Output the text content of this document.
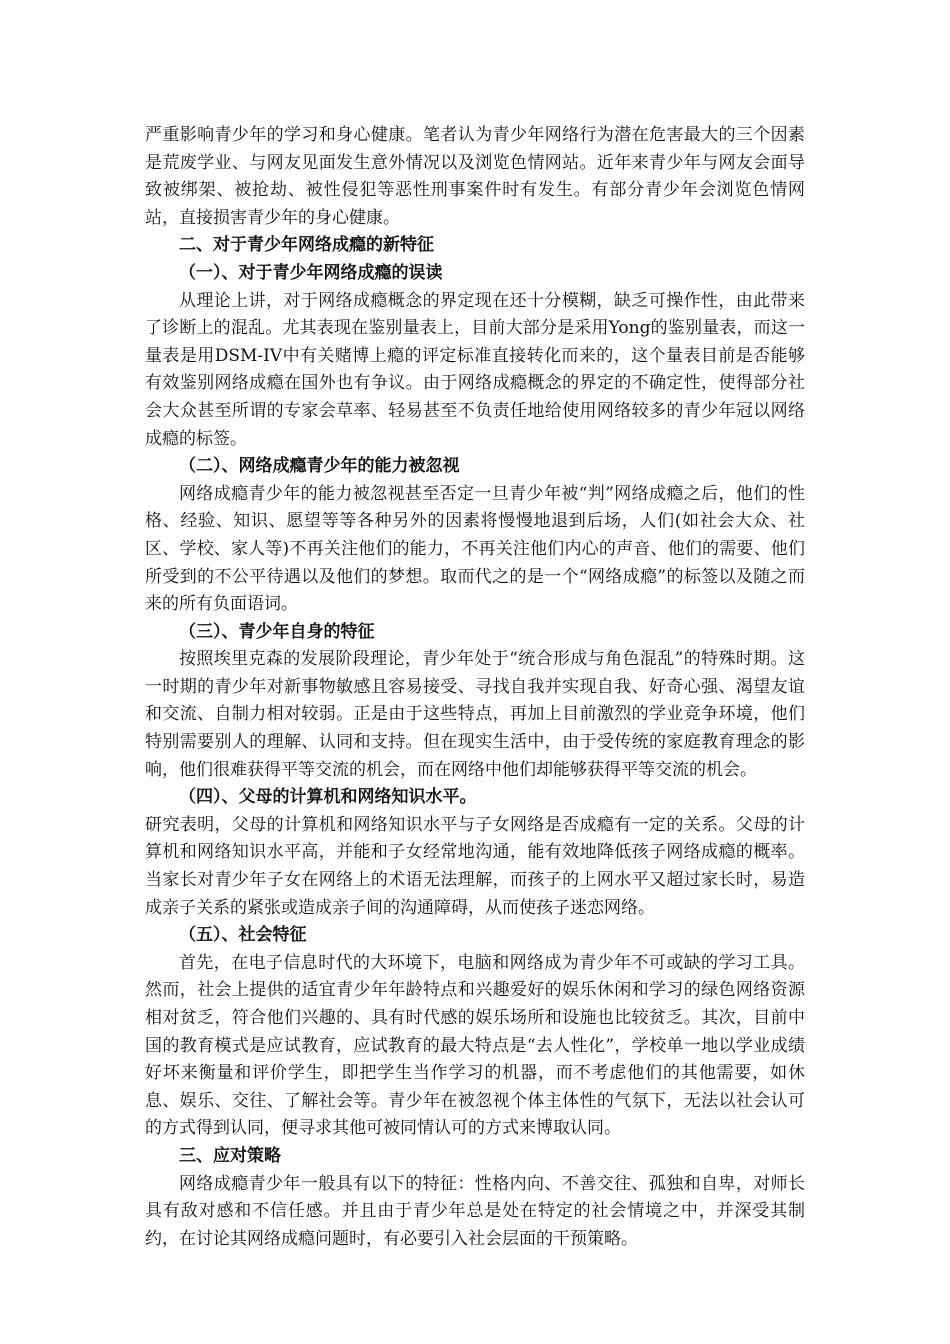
严重影响青少年的学习和身心健康。笔者认为青少年网络行为潜在危害最大的三个因素是荒废学业、与网友见面发生意外情况以及浏览色情网站。近年来青少年与网友会面导致被绑架、被抢劫、被性侵犯等恶性刑事案件时有发生。有部分青少年会浏览色情网站，直接损害青少年的身心健康。

二、对于青少年网络成瘾的新特征

（一）、对于青少年网络成瘾的误读

从理论上讲，对于网络成瘾概念的界定现在还十分模糊，缺乏可操作性，由此带来了诊断上的混乱。尤其表现在鉴别量表上，目前大部分是采用Yong的鉴别量表，而这一量表是用DSM-IV中有关赌博上瘾的评定标准直接转化而来的，这个量表目前是否能够有效鉴别网络成瘾在国外也有争议。由于网络成瘾概念的界定的不确定性，使得部分社会大众甚至所谓的专家会草率、轻易甚至不负责任地给使用网络较多的青少年冠以网络成瘾的标签。

（二）、网络成瘾青少年的能力被忽视

网络成瘾青少年的能力被忽视甚至否定一旦青少年被“判”网络成瘾之后，他们的性格、经验、知识、愿望等等各种另外的因素将慢慢地退到后场，人们(如社会大众、社区、学校、家人等)不再关注他们的能力，不再关注他们内心的声音、他们的需要、他们所受到的不公平待遇以及他们的梦想。取而代之的是一个“网络成瘾”的标签以及随之而来的所有负面语词。

（三）、青少年自身的特征

按照埃里克森的发展阶段理论，青少年处于“统合形成与角色混乱”的特殊时期。这一时期的青少年对新事物敏感且容易接受、寻找自我并实现自我、好奇心强、渴望友谊和交流、自制力相对较弱。正是由于这些特点，再加上目前激烈的学业竞争环境，他们特别需要别人的理解、认同和支持。但在现实生活中，由于受传统的家庭教育理念的影响，他们很难获得平等交流的机会，而在网络中他们却能够获得平等交流的机会。

（四）、父母的计算机和网络知识水平。

研究表明，父母的计算机和网络知识水平与子女网络是否成瘾有一定的关系。父母的计算机和网络知识水平高，并能和子女经常地沟通，能有效地降低孩子网络成瘾的概率。当家长对青少年子女在网络上的术语无法理解，而孩子的上网水平又超过家长时，易造成亲子关系的紧张或造成亲子间的沟通障碍，从而使孩子迷恋网络。

（五）、社会特征

首先，在电子信息时代的大环境下，电脑和网络成为青少年不可或缺的学习工具。然而，社会上提供的适宜青少年年龄特点和兴趣爱好的娱乐休闲和学习的绿色网络资源相对贫乏，符合他们兴趣的、具有时代感的娱乐场所和设施也比较贫乏。其次，目前中国的教育模式是应试教育，应试教育的最大特点是“去人性化”，学校单一地以学业成绩好坏来衡量和评价学生，即把学生当作学习的机器，而不考虑他们的其他需要，如休息、娱乐、交往、了解社会等。青少年在被忽视个体主体性的气氛下，无法以社会认可的方式得到认同，便寻求其他可被同情认可的方式来博取认同。

三、应对策略

网络成瘾青少年一般具有以下的特征：性格内向、不善交往、孤独和自卑，对师长具有敌对感和不信任感。并且由于青少年总是处在特定的社会情境之中，并深受其制约，在讨论其网络成瘾问题时，有必要引入社会层面的干预策略。
